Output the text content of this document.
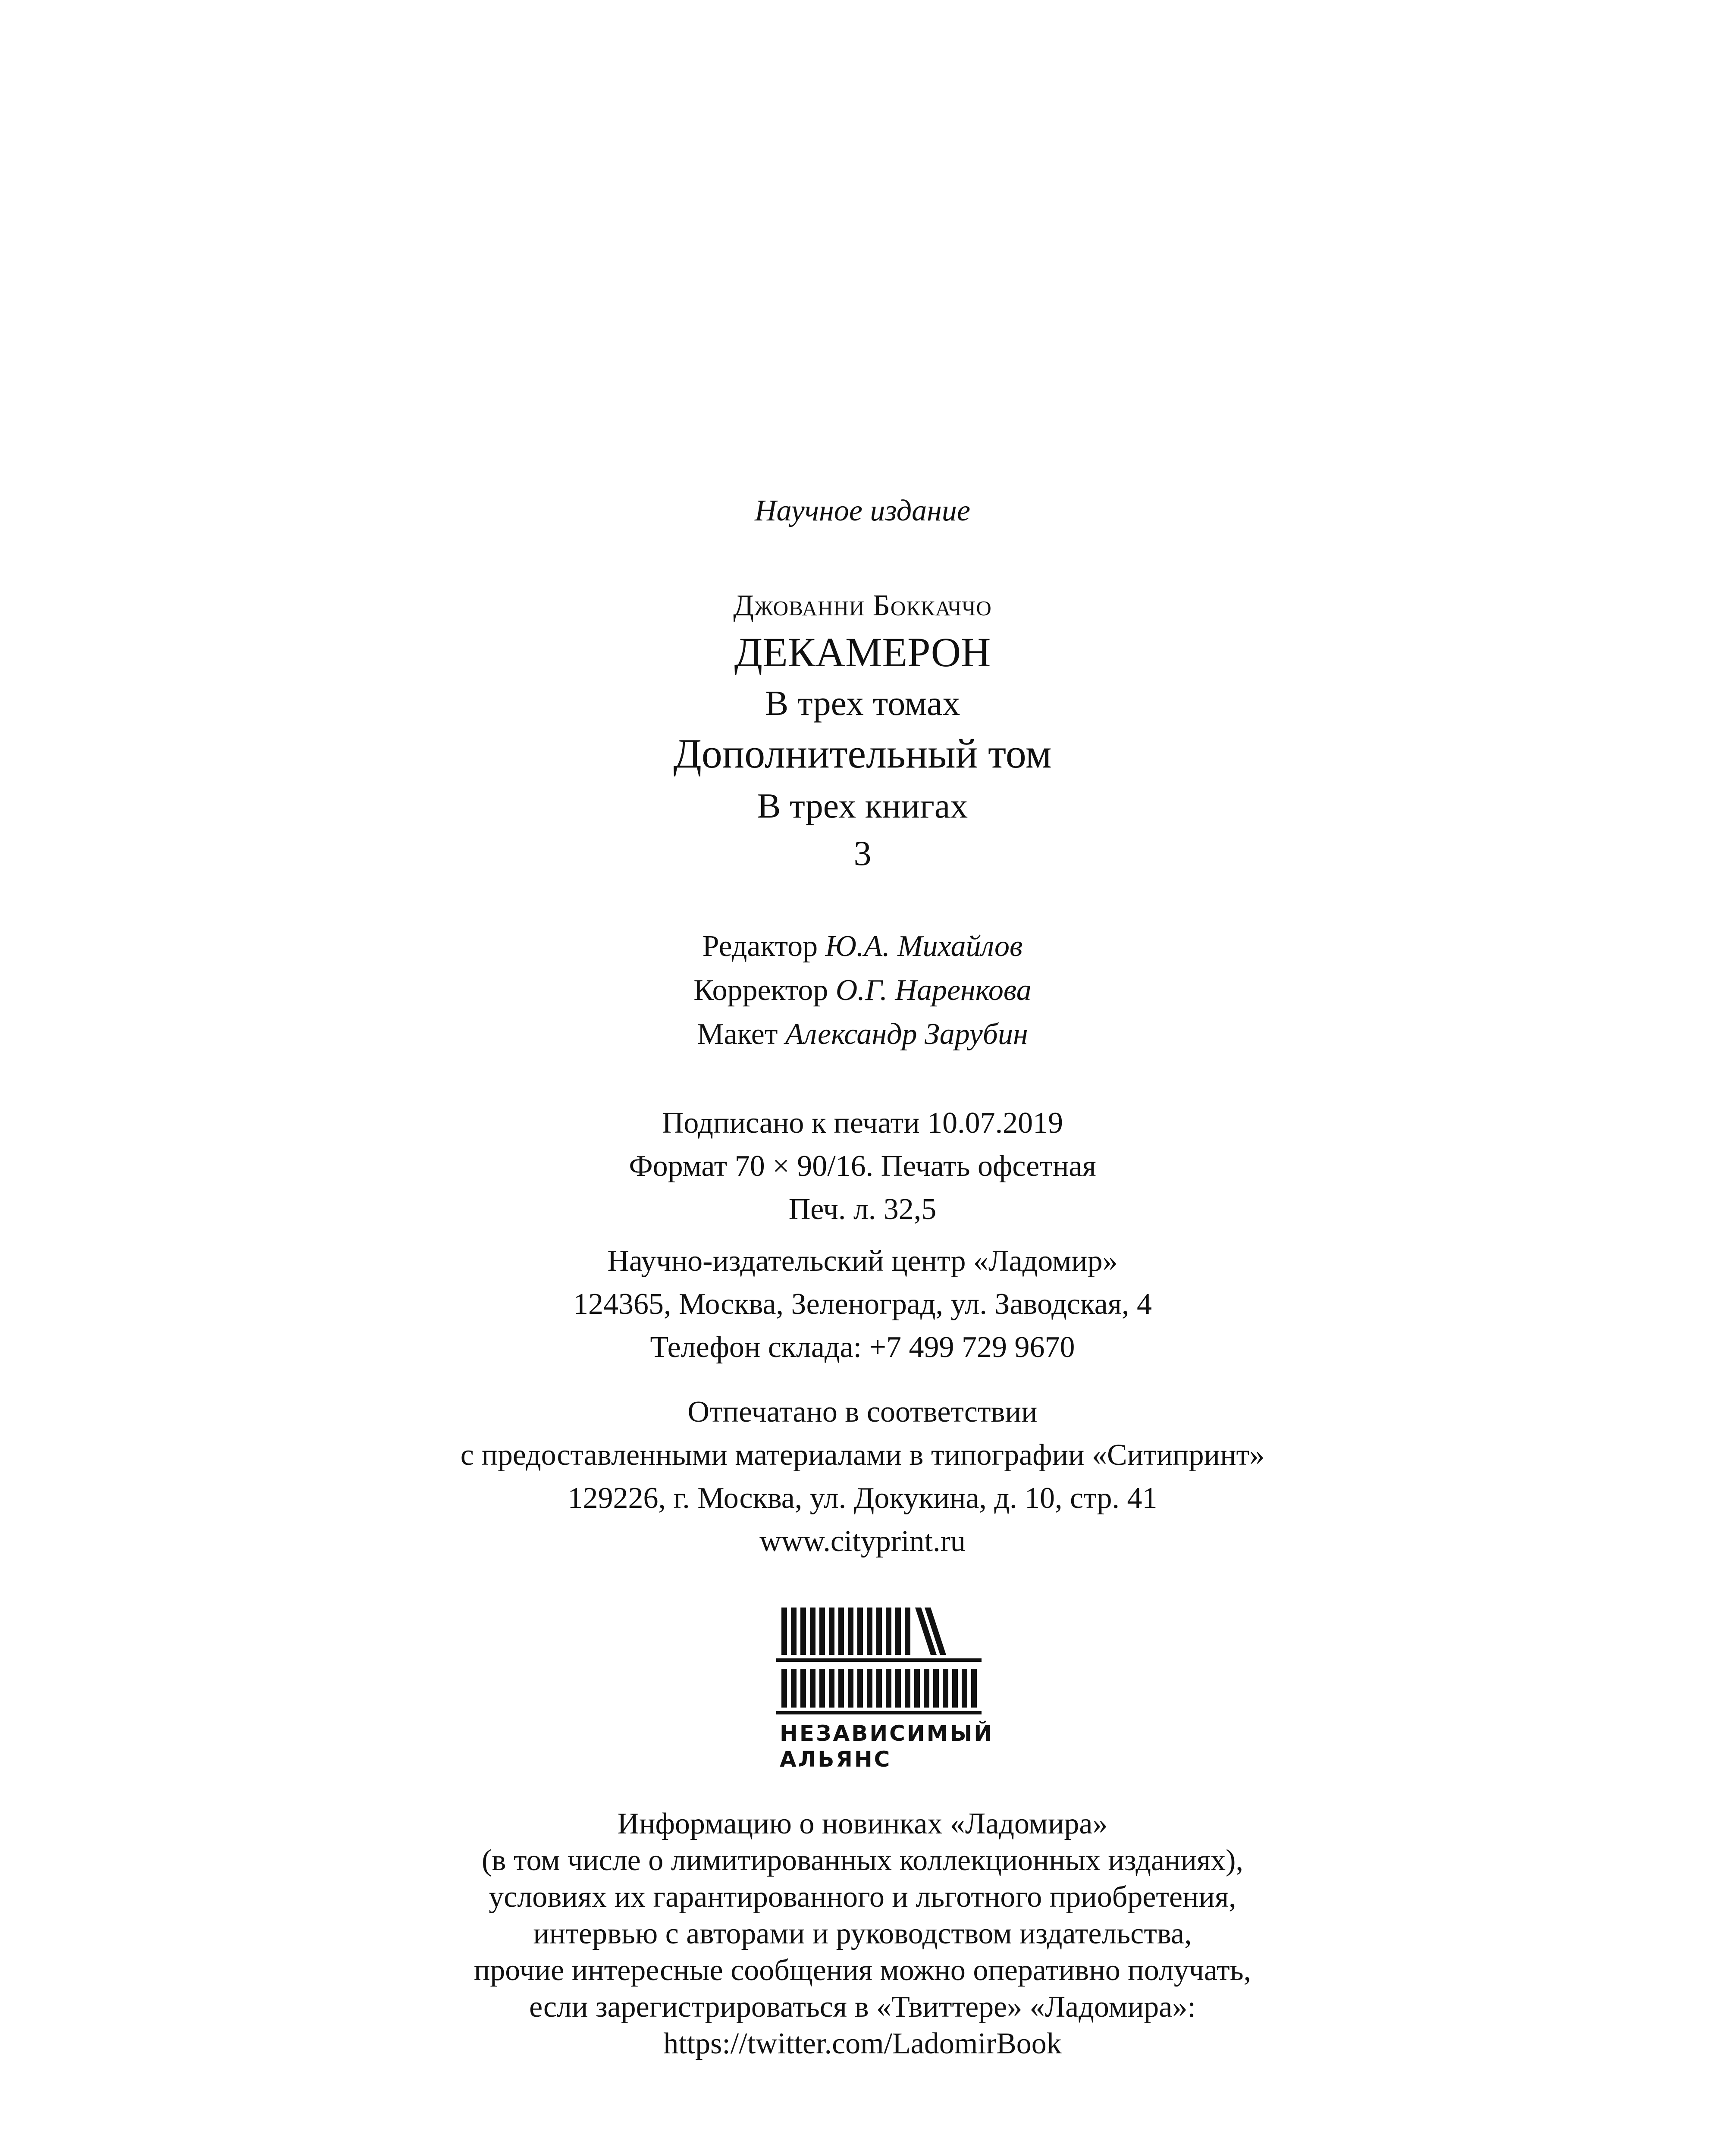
Научное издание
Джованни Боккаччо
ДЕКАМЕРОН
В трех томах
Дополнительный том
В трех книгах
3
Редактор Ю.А. Михайлов
Корректор О.Г. Наренкова
Макет Александр Зарубин
Подписано к печати 10.07.2019
Формат 70 × 90/16. Печать офсетная
Печ. л. 32,5
Научно-издательский центр «Ладомир»
124365, Москва, Зеленоград, ул. Заводская, 4
Телефон склада: +7 499 729 9670
Отпечатано в соответствии
с предоставленными материалами в типографии «Ситипринт»
129226, г. Москва, ул. Докукина, д. 10, стр. 41
www.cityprint.ru
НЕЗАВИСИМЫЙ
АЛЬЯНС
Информацию о новинках «Ладомира»
(в том числе о лимитированных коллекционных изданиях),
условиях их гарантированного и льготного приобретения,
интервью с авторами и руководством издательства,
прочие интересные сообщения можно оперативно получать,
если зарегистрироваться в «Твиттере» «Ладомира»:
https://twitter.com/LadomirBook
